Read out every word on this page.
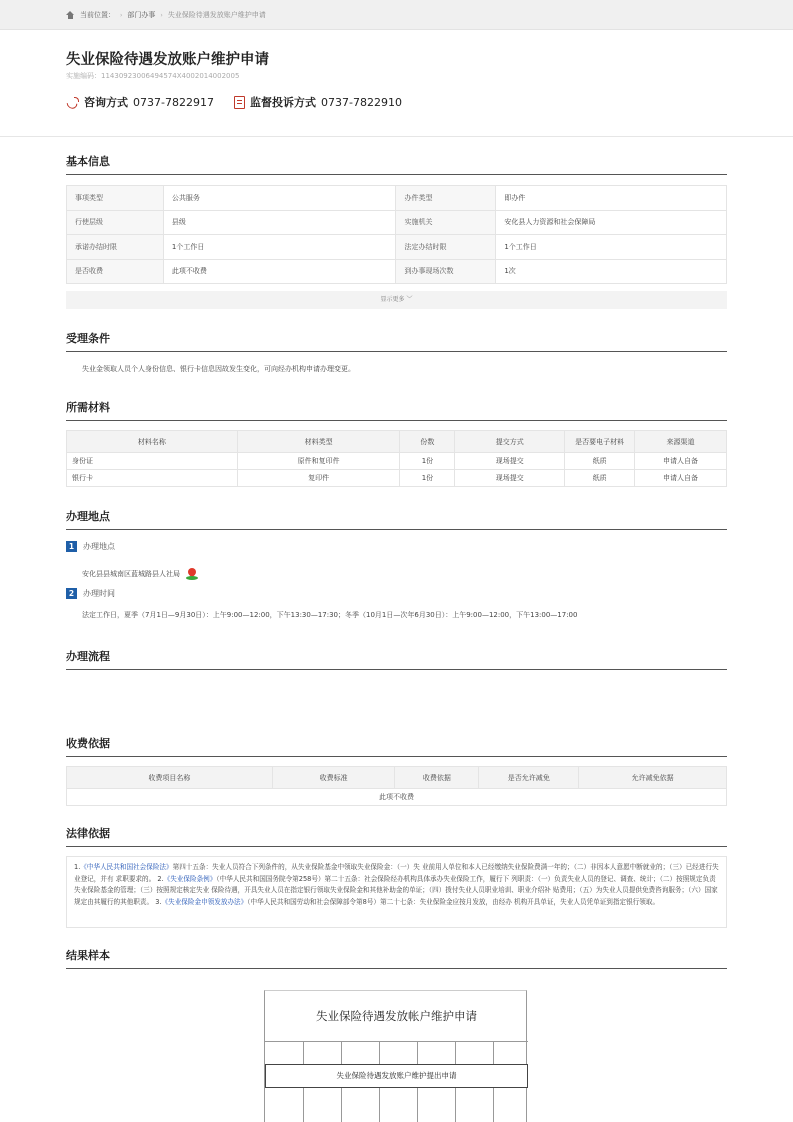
当前位置： › 部门办事 › 失业保险待遇发放账户维护申请
失业保险待遇发放账户维护申请
实施编码：11430923006494574X4002014002005
咨询方式 0737-7822917	监督投诉方式 0737-7822910
基本信息
事项类型	公共服务	办件类型	即办件
行使层级	县级	实施机关	安化县人力资源和社会保障局
承诺办结时限	1个工作日	法定办结时限	1个工作日
是否收费	此项不收费	到办事现场次数	1次
显示更多 ﹀
受理条件
失业金领取人员个人身份信息、银行卡信息因故发生变化，可向经办机构申请办理变更。
所需材料
材料名称	材料类型	份数	提交方式	是否要电子材料	来源渠道
身份证	原件和复印件	1份	现场提交	纸质	申请人自备
银行卡	复印件	1份	现场提交	纸质	申请人自备
办理地点
1	办理地点
安化县县城南区蓝城路县人社局
2	办理时间
法定工作日，夏季（7月1日—9月30日）：上午9:00—12:00，下午13:30—17:30；冬季（10月1日—次年6月30日）：上午9:00—12:00，下午13:00—17:00
办理流程
收费依据
收费项目名称	收费标准	收费依据	是否允许减免	允许减免依据
此项不收费
法律依据
1.《中华人民共和国社会保险法》第四十五条：失业人员符合下列条件的，从失业保险基金中领取失业保险金：（一）失 业前用人单位和本人已经缴纳失业保险费满一年的；（二）非因本人意愿中断就业的；（三）已经进行失业登记，并有 求职要求的。 2.《失业保险条例》（中华人民共和国国务院令第258号）第二十五条：社会保险经办机构具体承办失业保险工作，履行下 列职责：（一）负责失业人员的登记、调查、统计；（二）按照规定负责失业保险基金的管理；（三）按照规定核定失业 保险待遇，开具失业人员在指定银行领取失业保险金和其他补助金的单证；（四）拨付失业人员职业培训、职业介绍补 贴费用；（五）为失业人员提供免费咨询服务；（六）国家规定由其履行的其他职责。 3.《失业保险金申领发放办法》（中华人民共和国劳动和社会保障部令第8号）第二十七条：失业保险金应按月发放，由经办 机构开具单证，失业人员凭单证到指定银行领取。
结果样本
失业保险待遇发放帐户维护申请
失业保险待遇发放账户维护提出申请
